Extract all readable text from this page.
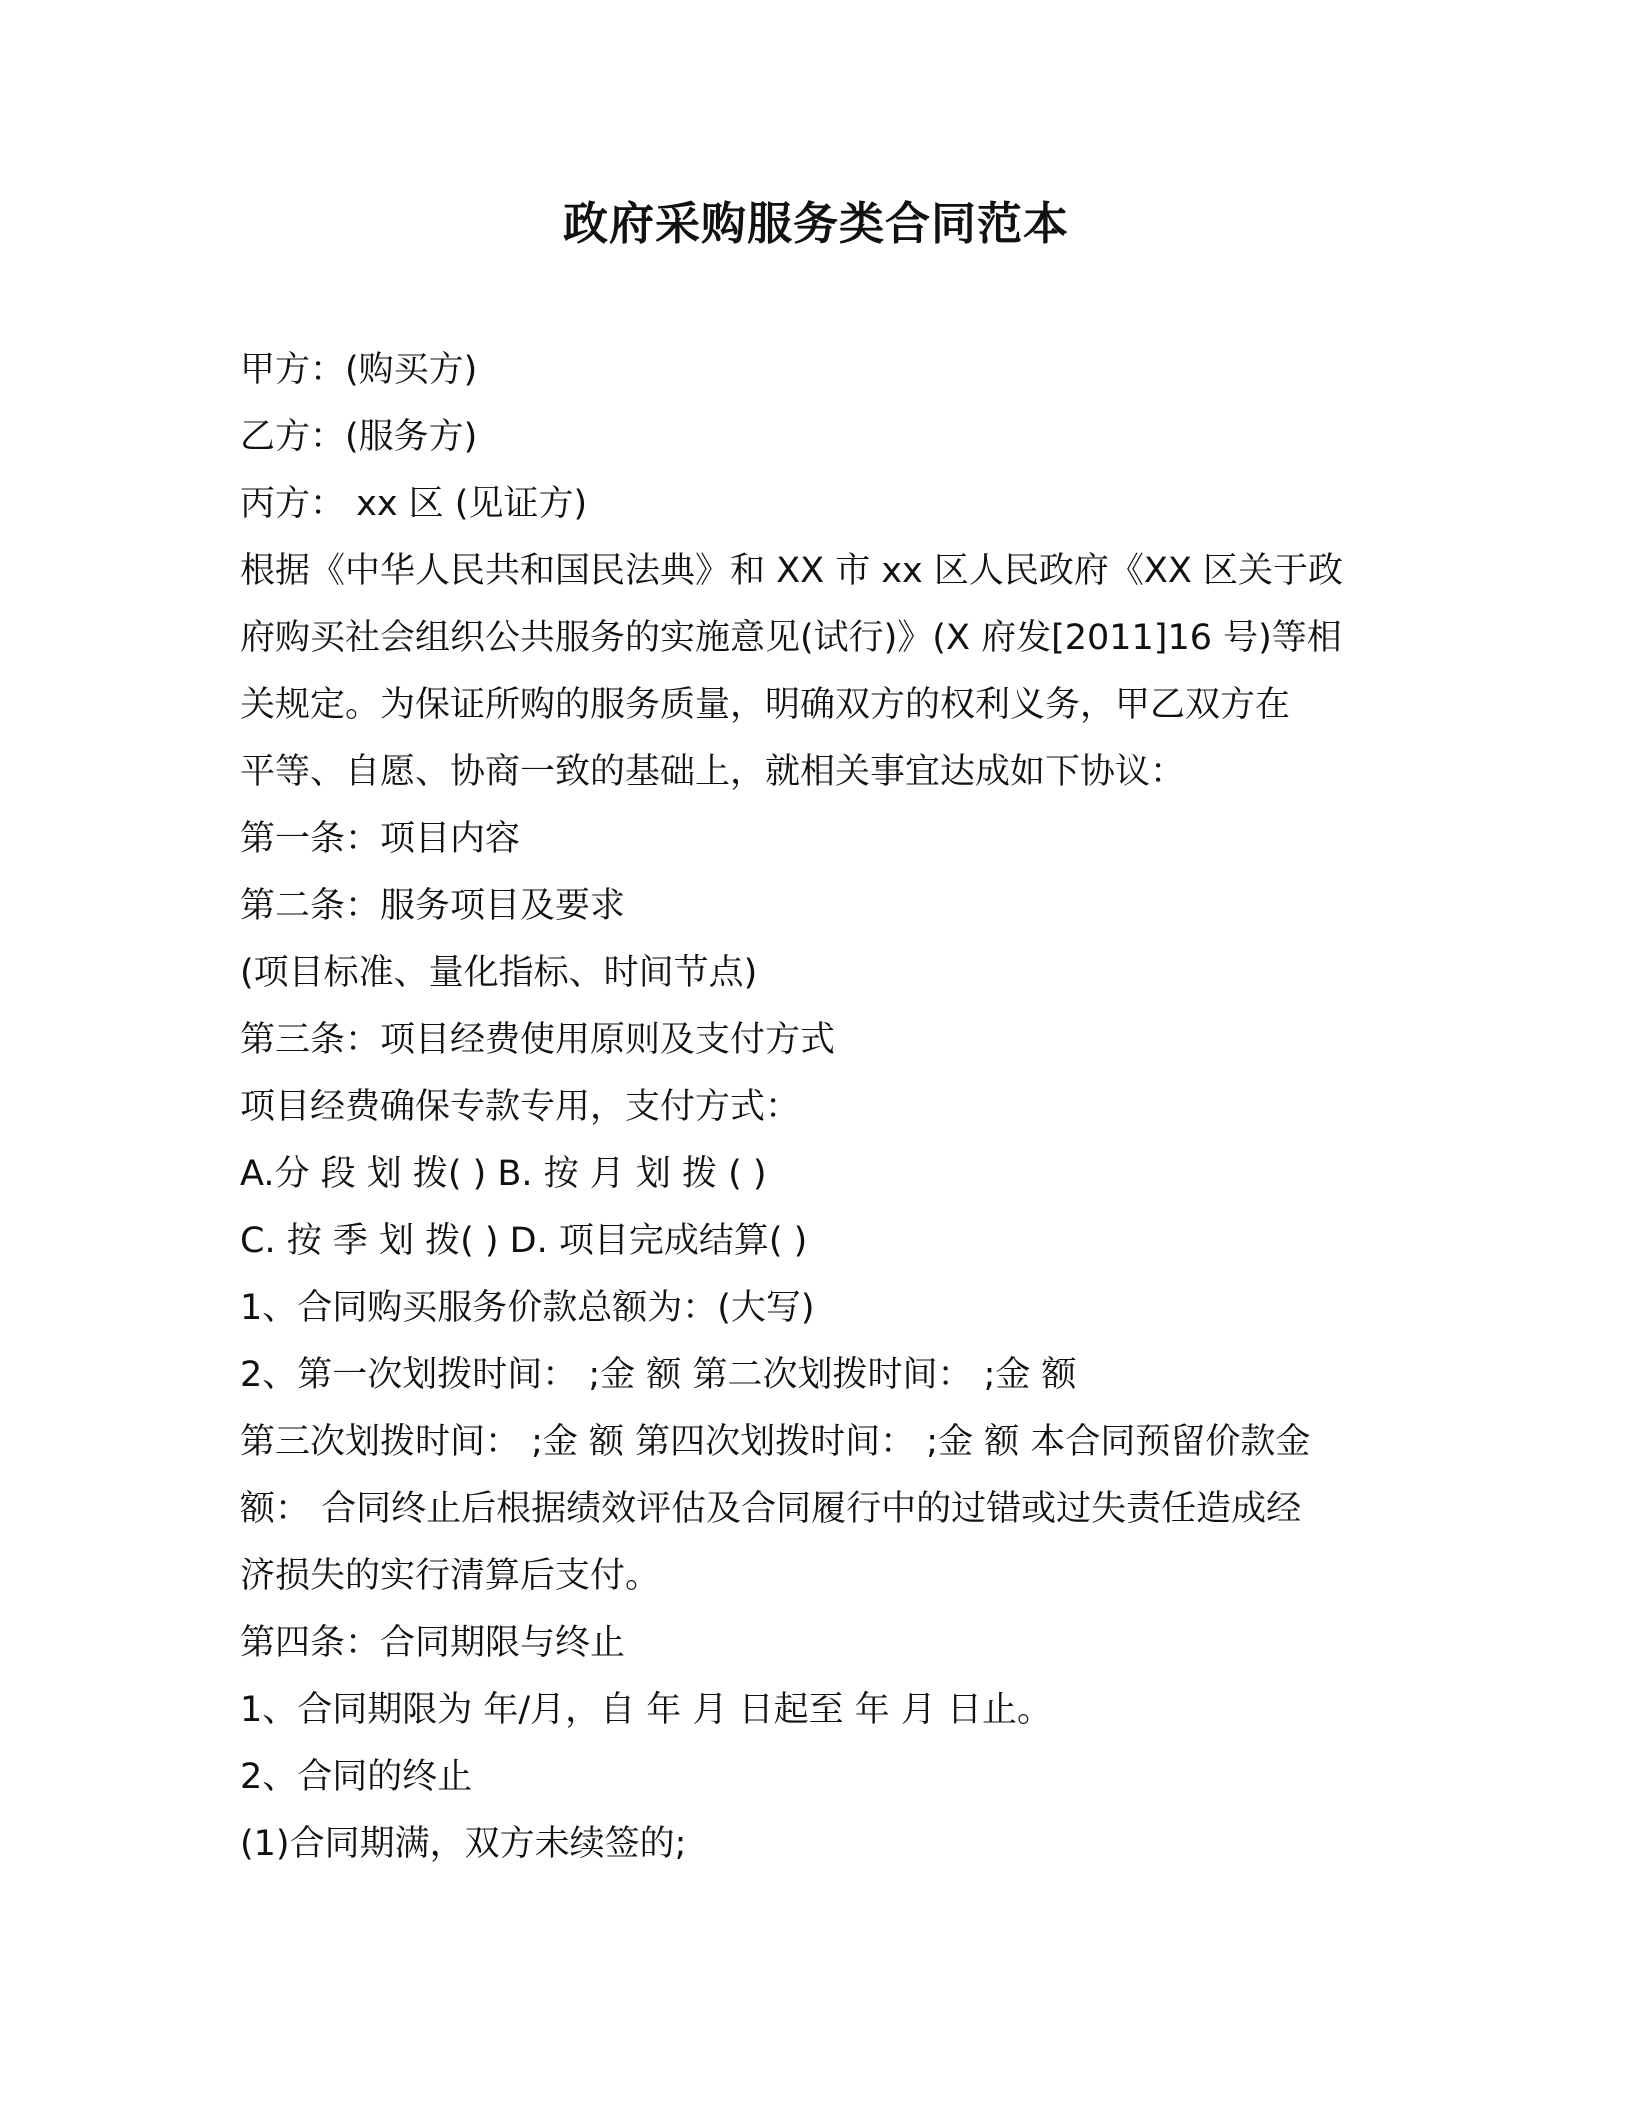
政府采购服务类合同范本

甲方：(购买方)

乙方：(服务方)

丙方： xx 区 (见证方)

根据《中华人民共和国民法典》和 XX 市 xx 区人民政府《XX 区关于政

府购买社会组织公共服务的实施意见(试行)》(X 府发[2011]16 号)等相

关规定。为保证所购的服务质量，明确双方的权利义务，甲乙双方在

平等、自愿、协商一致的基础上，就相关事宜达成如下协议：

第一条：项目内容

第二条：服务项目及要求

(项目标准、量化指标、时间节点)

第三条：项目经费使用原则及支付方式

项目经费确保专款专用，支付方式：

A.分 段 划 拨( ) B. 按 月 划 拨 ( )

C. 按 季 划 拨( ) D. 项目完成结算( )

1、合同购买服务价款总额为：(大写)

2、第一次划拨时间： ;金 额 第二次划拨时间： ;金 额

第三次划拨时间： ;金 额 第四次划拨时间： ;金 额 本合同预留价款金

额： 合同终止后根据绩效评估及合同履行中的过错或过失责任造成经

济损失的实行清算后支付。

第四条：合同期限与终止

1、合同期限为 年/月，自 年 月 日起至 年 月 日止。

2、合同的终止

(1)合同期满，双方未续签的;
